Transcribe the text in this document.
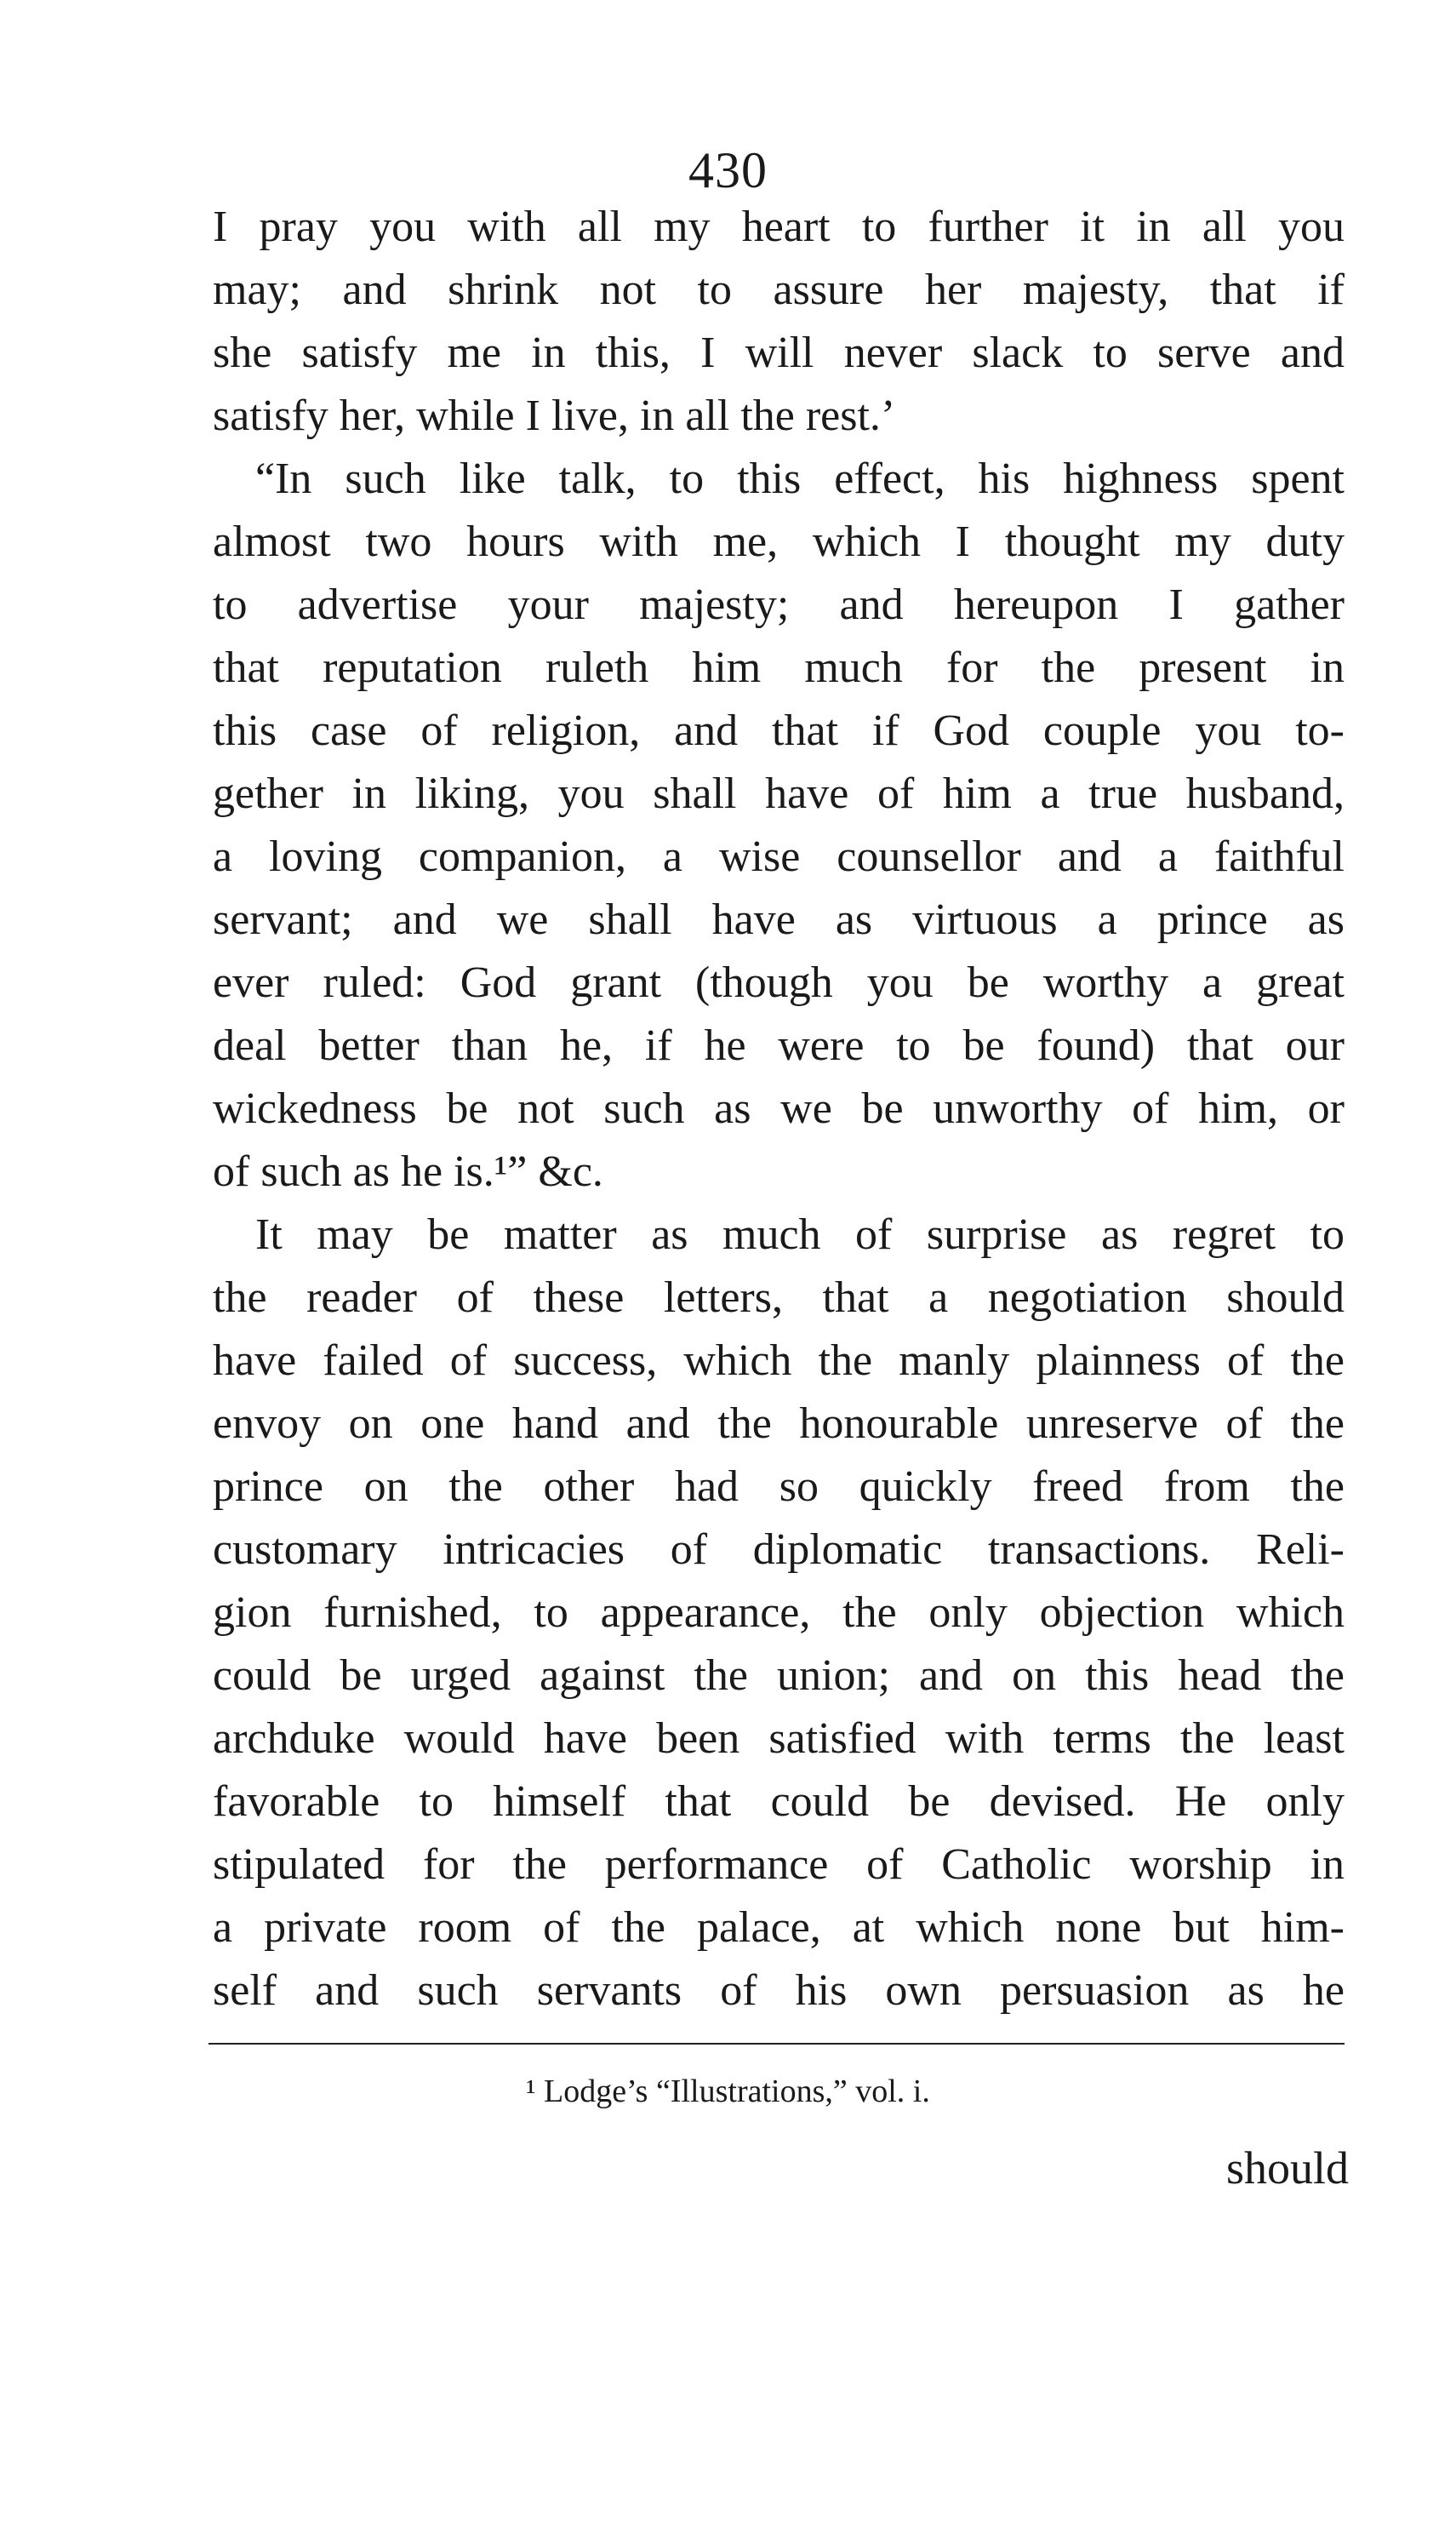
430
I pray you with all my heart to further it in all you
may; and shrink not to assure her majesty, that if
she satisfy me in this, I will never slack to serve and
satisfy her, while I live, in all the rest.’
“In such like talk, to this effect, his highness spent
almost two hours with me, which I thought my duty
to advertise your majesty; and hereupon I gather
that reputation ruleth him much for the present in
this case of religion, and that if God couple you to-
gether in liking, you shall have of him a true husband,
a loving companion, a wise counsellor and a faithful
servant; and we shall have as virtuous a prince as
ever ruled: God grant (though you be worthy a great
deal better than he, if he were to be found) that our
wickedness be not such as we be unworthy of him, or
of such as he is.¹” &c.
It may be matter as much of surprise as regret to
the reader of these letters, that a negotiation should
have failed of success, which the manly plainness of the
envoy on one hand and the honourable unreserve of the
prince on the other had so quickly freed from the
customary intricacies of diplomatic transactions. Reli-
gion furnished, to appearance, the only objection which
could be urged against the union; and on this head the
archduke would have been satisfied with terms the least
favorable to himself that could be devised. He only
stipulated for the performance of Catholic worship in
a private room of the palace, at which none but him-
self and such servants of his own persuasion as he
¹ Lodge’s “Illustrations,” vol. i.
should
